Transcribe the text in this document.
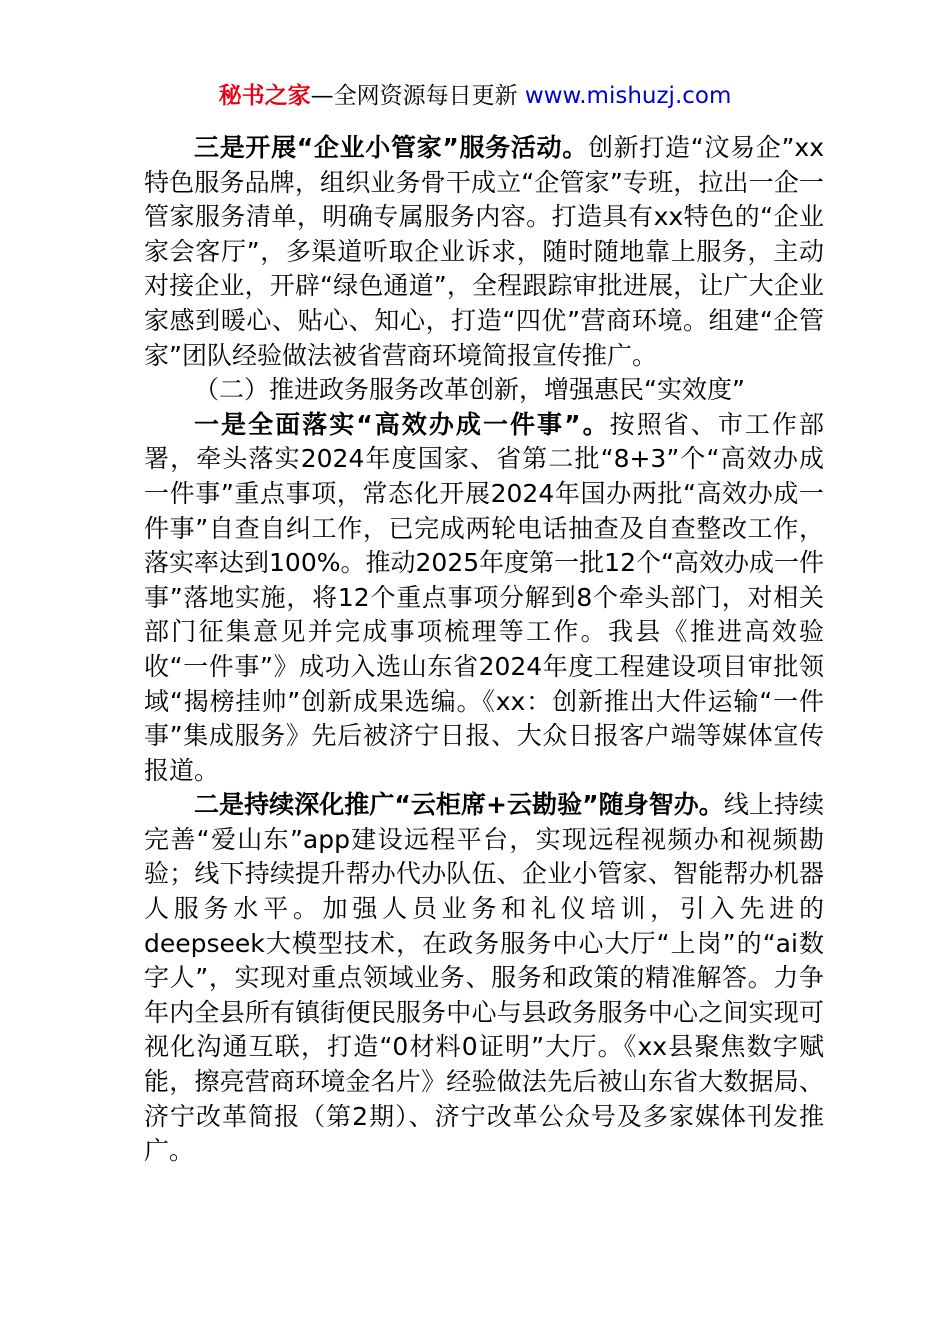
秘书之家—全网资源每日更新 www.mishuzj.com

三是开展“企业小管家”服务活动。创新打造“汶易企”xx特色服务品牌，组织业务骨干成立“企管家”专班，拉出一企一管家服务清单，明确专属服务内容。打造具有xx特色的“企业家会客厅”，多渠道听取企业诉求，随时随地靠上服务，主动对接企业，开辟“绿色通道”，全程跟踪审批进展，让广大企业家感到暖心、贴心、知心，打造“四优”营商环境。组建“企管家”团队经验做法被省营商环境简报宣传推广。

（二）推进政务服务改革创新，增强惠民“实效度”

一是全面落实“高效办成一件事”。按照省、市工作部署，牵头落实2024年度国家、省第二批“8+3”个“高效办成一件事”重点事项，常态化开展2024年国办两批“高效办成一件事”自查自纠工作，已完成两轮电话抽查及自查整改工作，落实率达到100%。推动2025年度第一批12个“高效办成一件事”落地实施，将12个重点事项分解到8个牵头部门，对相关部门征集意见并完成事项梳理等工作。我县《推进高效验收“一件事”》成功入选山东省2024年度工程建设项目审批领域“揭榜挂帅”创新成果选编。《xx：创新推出大件运输“一件事”集成服务》先后被济宁日报、大众日报客户端等媒体宣传报道。

二是持续深化推广“云柜席+云勘验”随身智办。线上持续完善“爱山东”app建设远程平台，实现远程视频办和视频勘验；线下持续提升帮办代办队伍、企业小管家、智能帮办机器人服务水平。加强人员业务和礼仪培训，引入先进的deepseek大模型技术，在政务服务中心大厅“上岗”的“ai数字人”，实现对重点领域业务、服务和政策的精准解答。力争年内全县所有镇街便民服务中心与县政务服务中心之间实现可视化沟通互联，打造“0材料0证明”大厅。《xx县聚焦数字赋能，擦亮营商环境金名片》经验做法先后被山东省大数据局、济宁改革简报（第2期）、济宁改革公众号及多家媒体刊发推广。
